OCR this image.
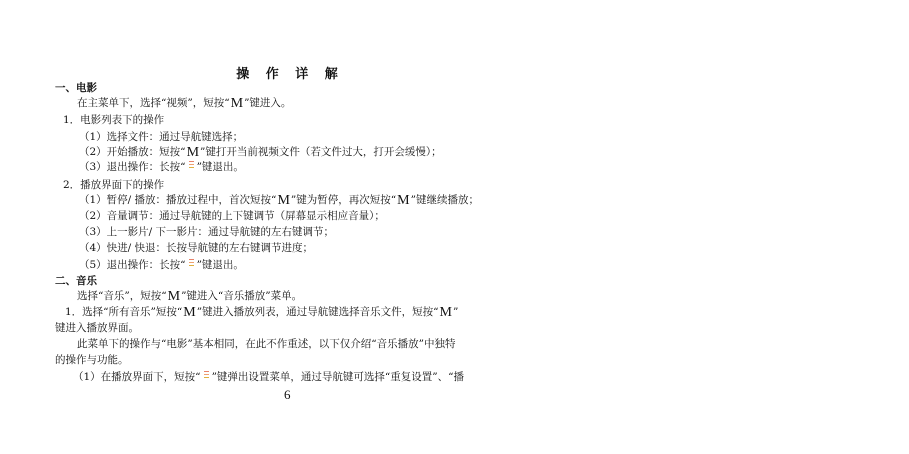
操 作 详 解
一、电影
在主菜单下，选择“视频”，短按“M”键进入。
1．电影列表下的操作
（1）选择文件：通过导航键选择；
（2）开始播放：短按“M”键打开当前视频文件（若文件过大，打开会缓慢）；
（3）退出操作：长按“ ”键退出。
2．播放界面下的操作
（1）暂停/ 播放：播放过程中，首次短按“M”键为暂停，再次短按“M”键继续播放；
（2）音量调节：通过导航键的上下键调节（屏幕显示相应音量）；
（3）上一影片/ 下一影片：通过导航键的左右键调节；
（4）快进/ 快退：长按导航键的左右键调节进度；
（5）退出操作：长按“ ”键退出。
二、音乐
选择“音乐”，短按“M”键进入“音乐播放”菜单。
1．选择“所有音乐”短按“M”键进入播放列表，通过导航键选择音乐文件，短按“M”
键进入播放界面。
此菜单下的操作与“电影”基本相同，在此不作重述，以下仅介绍“音乐播放”中独特
的操作与功能。
（1）在播放界面下，短按“ ”键弹出设置菜单，通过导航键可选择“重复设置”、“播
6
